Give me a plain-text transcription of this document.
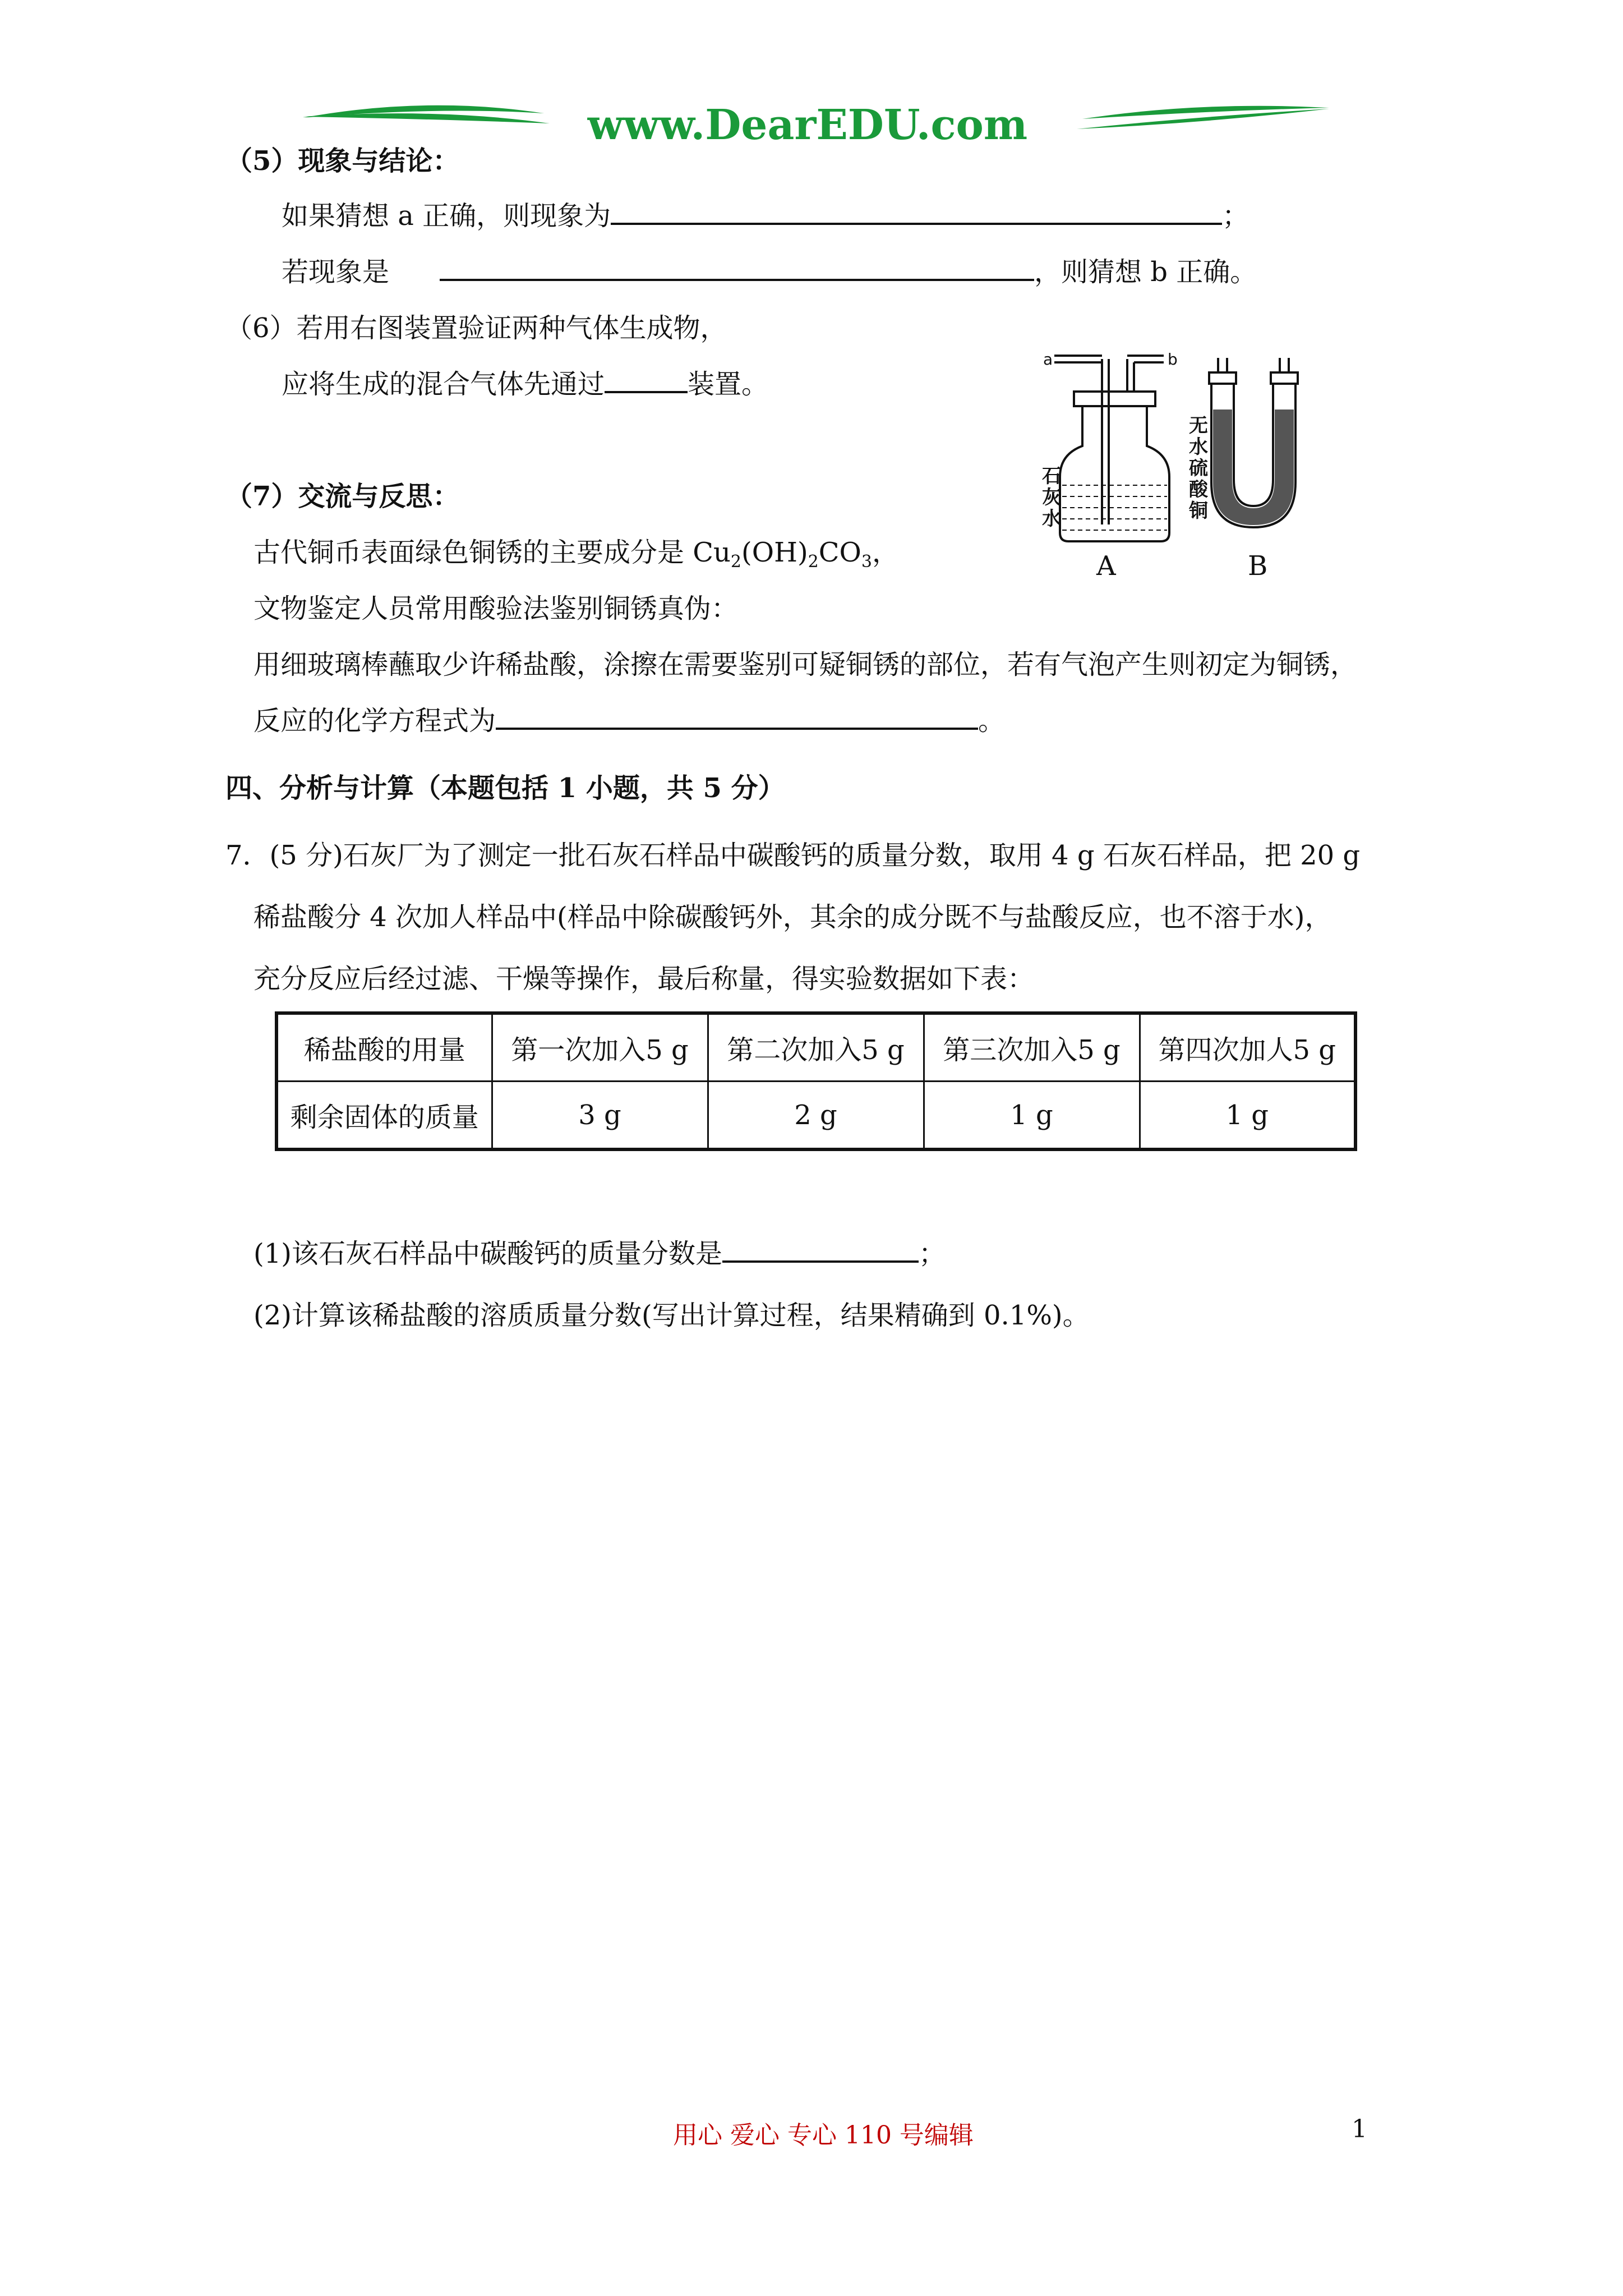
www.DearEDU.com
（5）现象与结论：
如果猜想 a 正确，则现象为	；
若现象是	，则猜想 b 正确。
（6）若用右图装置验证两种气体生成物，
应将生成的混合气体先通过	装置。
a	b
A	B
石灰水
无水硫酸铜
（7）交流与反思：
古代铜币表面绿色铜锈的主要成分是 $Cu_2(OH)_2CO_3$，
文物鉴定人员常用酸验法鉴别铜锈真伪：
用细玻璃棒蘸取少许稀盐酸，涂擦在需要鉴别可疑铜锈的部位，若有气泡产生则初定为铜锈，
反应的化学方程式为	。
四、分析与计算（本题包括 1 小题，共 5 分）
7．(5 分)石灰厂为了测定一批石灰石样品中碳酸钙的质量分数，取用 4 g 石灰石样品，把 20 g
稀盐酸分 4 次加人样品中(样品中除碳酸钙外，其余的成分既不与盐酸反应，也不溶于水)，
充分反应后经过滤、干燥等操作，最后称量，得实验数据如下表：
稀盐酸的用量	第一次加入5 g	第二次加入5 g	第三次加入5 g	第四次加人5 g
剩余固体的质量	3 g	2 g	1 g	1 g
(1)该石灰石样品中碳酸钙的质量分数是	；
(2)计算该稀盐酸的溶质质量分数(写出计算过程，结果精确到 0.1%)。
用心 爱心 专心 110 号编辑	1
